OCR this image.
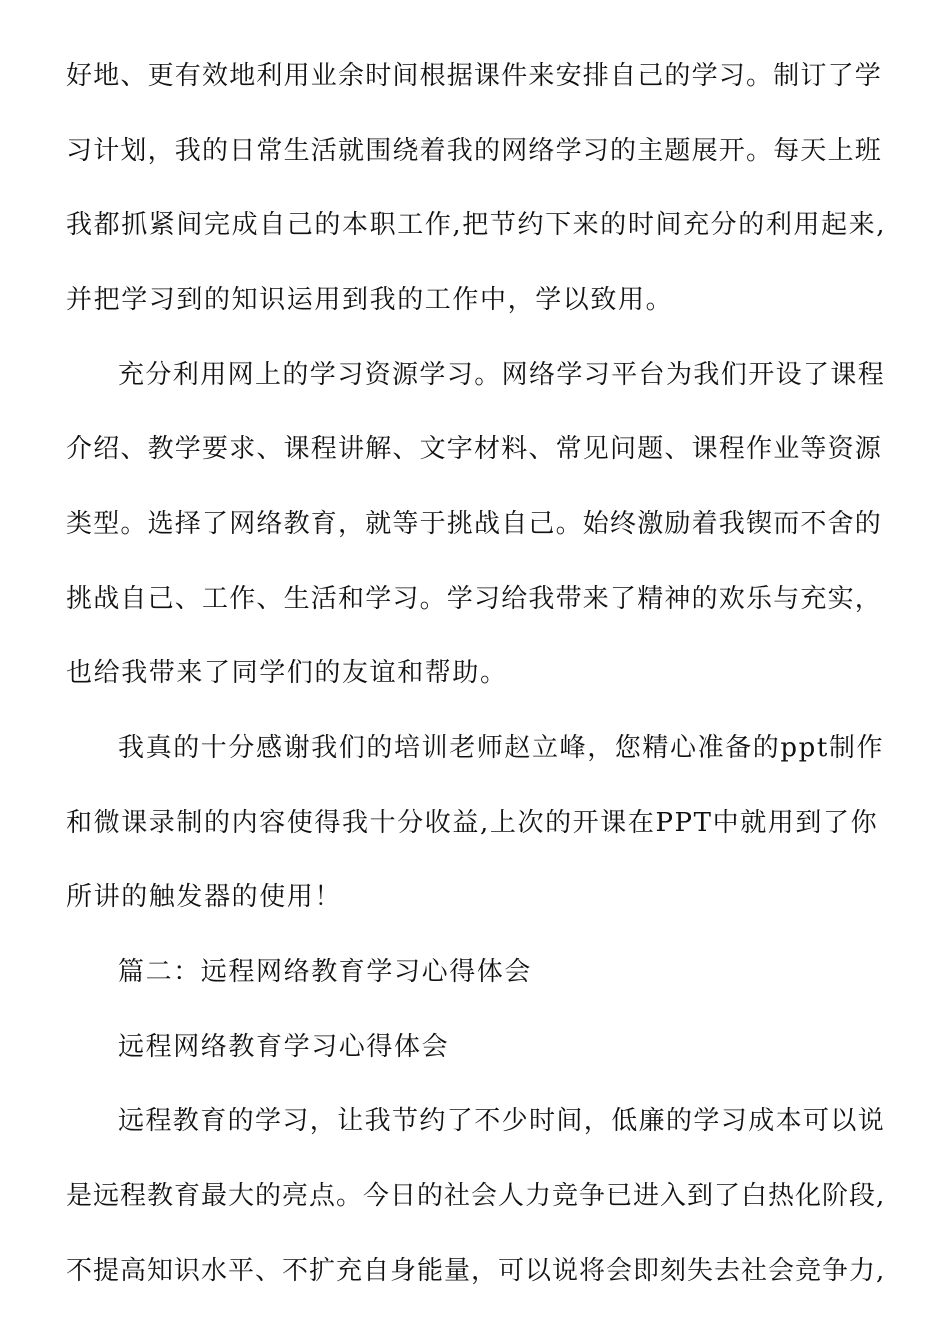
好地、更有效地利用业余时间根据课件来安排自己的学习。制订了学
习计划，我的日常生活就围绕着我的网络学习的主题展开。每天上班
我都抓紧间完成自己的本职工作,把节约下来的时间充分的利用起来,
并把学习到的知识运用到我的工作中，学以致用。
充分利用网上的学习资源学习。网络学习平台为我们开设了课程
介绍、教学要求、课程讲解、文字材料、常见问题、课程作业等资源
类型。选择了网络教育，就等于挑战自己。始终激励着我锲而不舍的
挑战自己、工作、生活和学习。学习给我带来了精神的欢乐与充实，
也给我带来了同学们的友谊和帮助。
我真的十分感谢我们的培训老师赵立峰，您精心准备的ppt制作
和微课录制的内容使得我十分收益,上次的开课在PPT中就用到了你
所讲的触发器的使用！
篇二：远程网络教育学习心得体会
远程网络教育学习心得体会
远程教育的学习，让我节约了不少时间，低廉的学习成本可以说
是远程教育最大的亮点。今日的社会人力竞争已进入到了白热化阶段,
不提高知识水平、不扩充自身能量，可以说将会即刻失去社会竞争力,
